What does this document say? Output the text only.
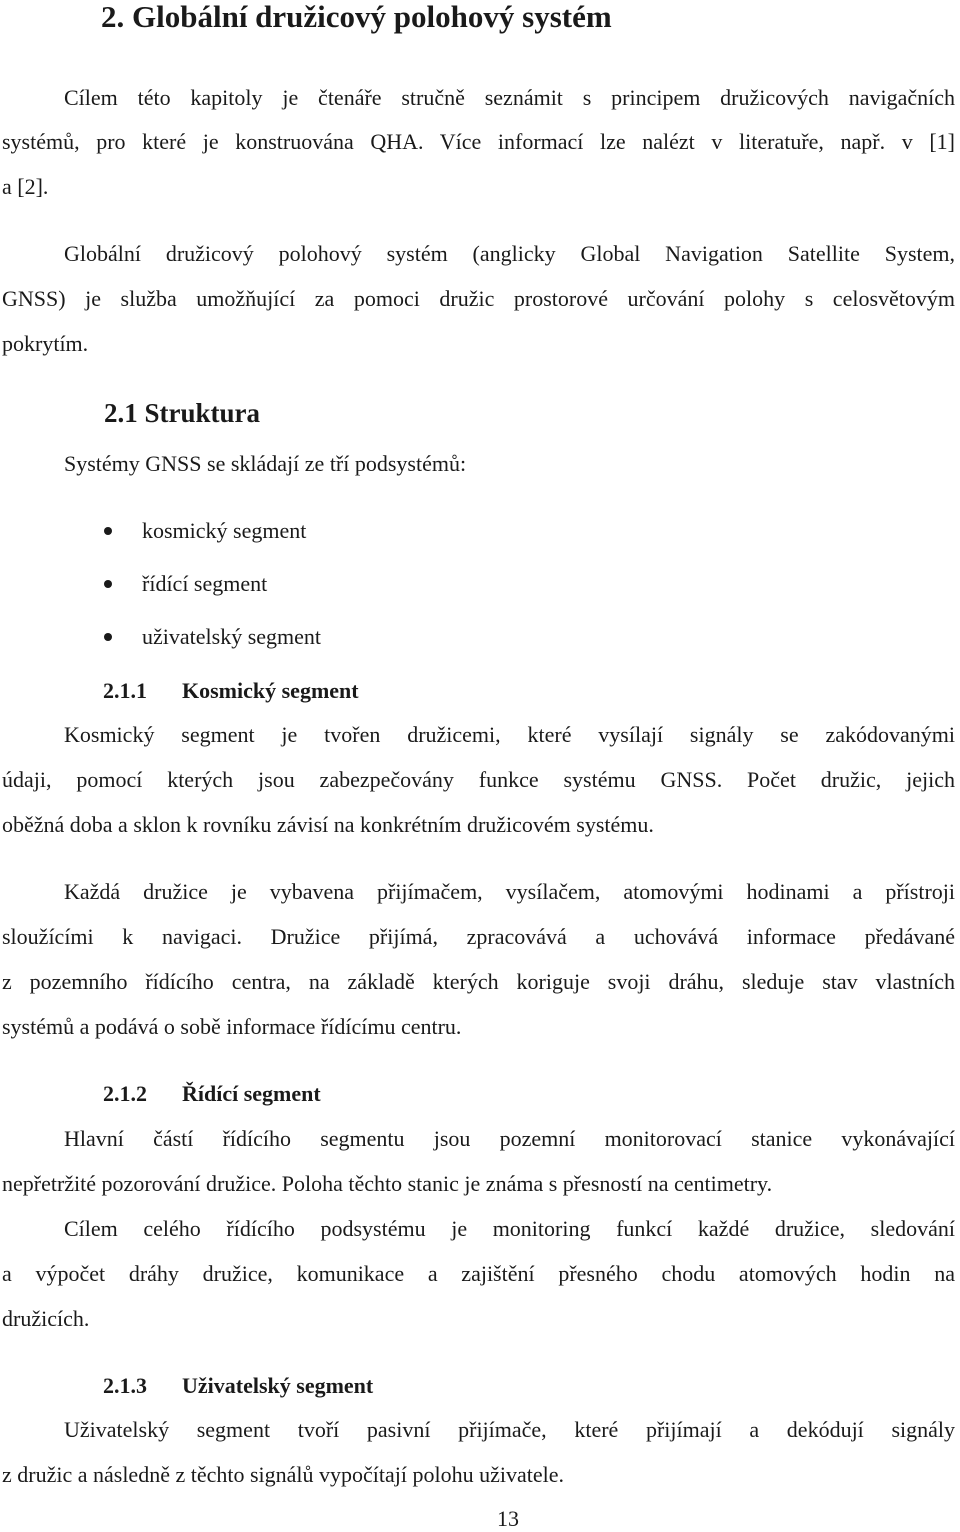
2. Globální družicový polohový systém
Cílem této kapitoly je čtenáře stručně seznámit s principem družicových navigačních
systémů, pro které je konstruována QHA. Více informací lze nalézt v literatuře, např. v [1]
a [2].
Globální družicový polohový systém (anglicky Global Navigation Satellite System,
GNSS) je služba umožňující za pomoci družic prostorové určování polohy s celosvětovým
pokrytím.
2.1 Struktura
Systémy GNSS se skládají ze tří podsystémů:
kosmický segment
řídící segment
uživatelský segment
2.1.1 Kosmický segment
Kosmický segment je tvořen družicemi, které vysílají signály se zakódovanými
údaji, pomocí kterých jsou zabezpečovány funkce systému GNSS. Počet družic, jejich
oběžná doba a sklon k rovníku závisí na konkrétním družicovém systému.
Každá družice je vybavena přijímačem, vysílačem, atomovými hodinami a přístroji
sloužícími k navigaci. Družice přijímá, zpracovává a uchovává informace předávané
z pozemního řídícího centra, na základě kterých koriguje svoji dráhu, sleduje stav vlastních
systémů a podává o sobě informace řídícímu centru.
2.1.2 Řídící segment
Hlavní částí řídícího segmentu jsou pozemní monitorovací stanice vykonávající
nepřetržité pozorování družice. Poloha těchto stanic je známa s přesností na centimetry.
Cílem celého řídícího podsystému je monitoring funkcí každé družice, sledování
a výpočet dráhy družice, komunikace a zajištění přesného chodu atomových hodin na
družicích.
2.1.3 Uživatelský segment
Uživatelský segment tvoří pasivní přijímače, které přijímají a dekódují signály
z družic a následně z těchto signálů vypočítají polohu uživatele.
13
